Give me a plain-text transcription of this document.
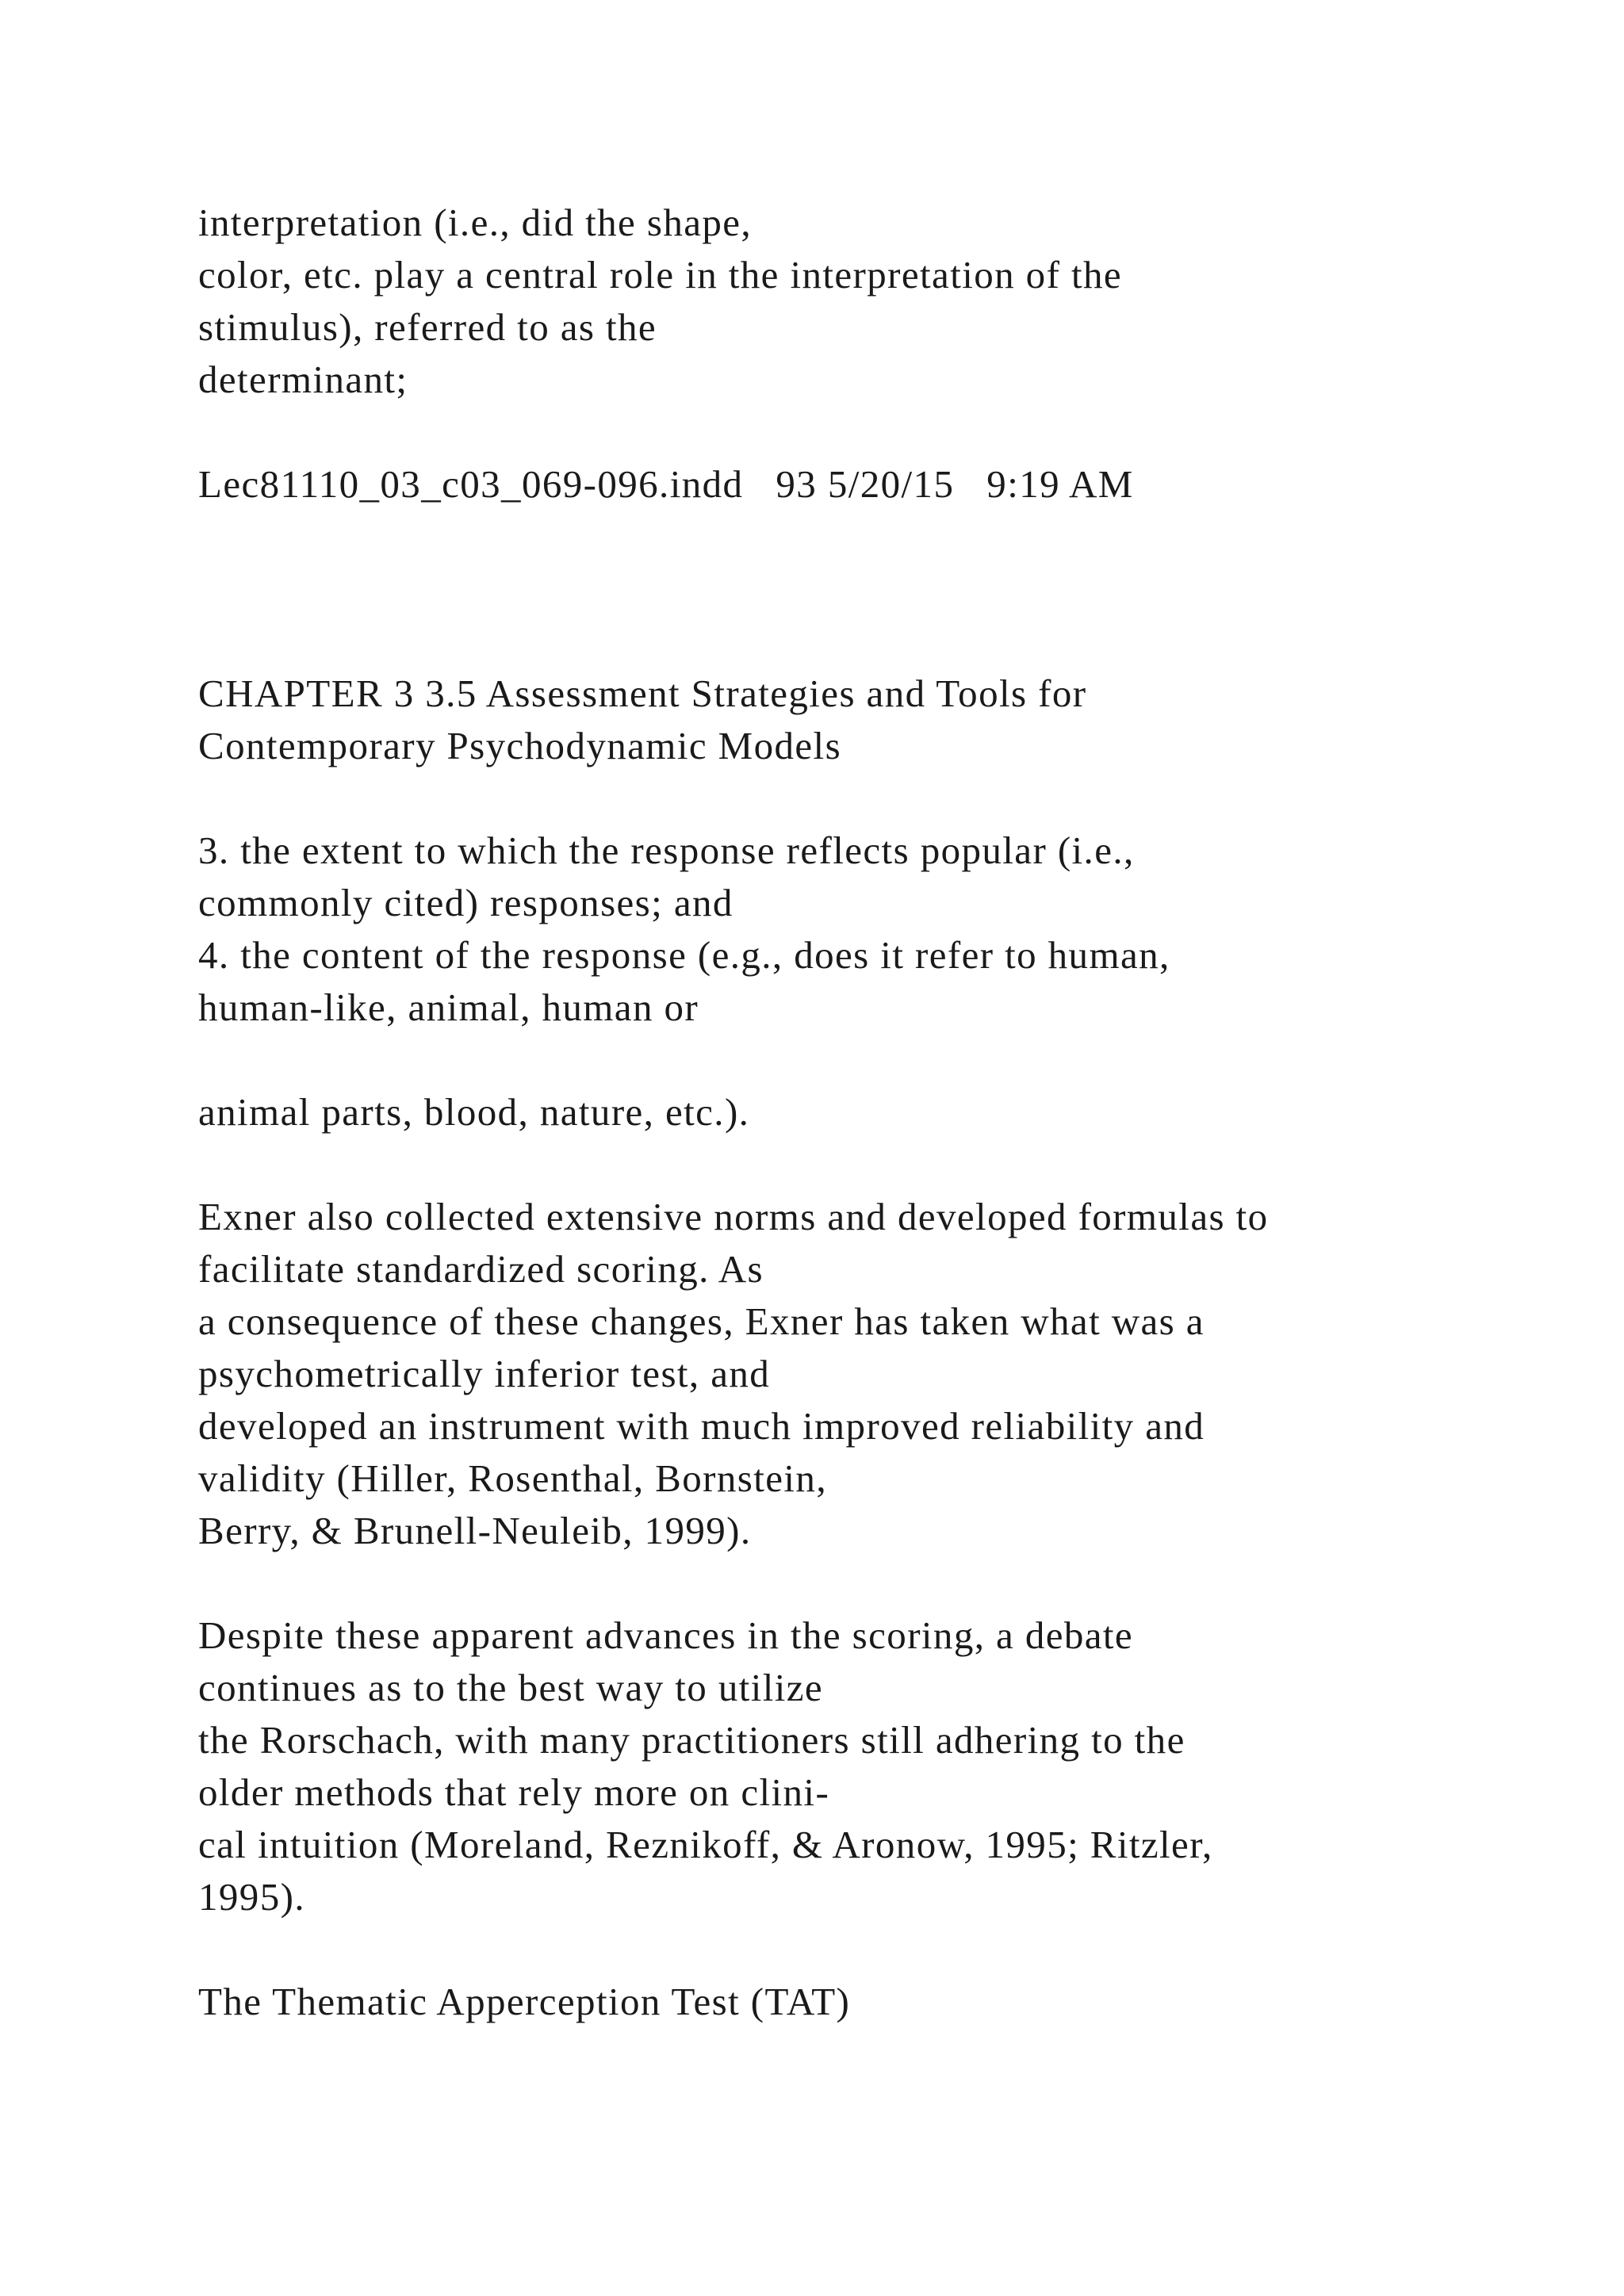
interpretation (i.e., did the shape,

color, etc. play a central role in the interpretation of the

stimulus), referred to as the

determinant;

Lec81110_03_c03_069-096.indd   93 5/20/15   9:19 AM

CHAPTER 3 3.5 Assessment Strategies and Tools for

Contemporary Psychodynamic Models

3. the extent to which the response reflects popular (i.e.,

commonly cited) responses; and

4. the content of the response (e.g., does it refer to human,

human-like, animal, human or

animal parts, blood, nature, etc.).

Exner also collected extensive norms and developed formulas to

facilitate standardized scoring. As

a consequence of these changes, Exner has taken what was a

psychometrically inferior test, and

developed an instrument with much improved reliability and

validity (Hiller, Rosenthal, Bornstein,

Berry, & Brunell-Neuleib, 1999).

Despite these apparent advances in the scoring, a debate

continues as to the best way to utilize

the Rorschach, with many practitioners still adhering to the

older methods that rely more on clini-

cal intuition (Moreland, Reznikoff, & Aronow, 1995; Ritzler,

1995).

The Thematic Apperception Test (TAT)
